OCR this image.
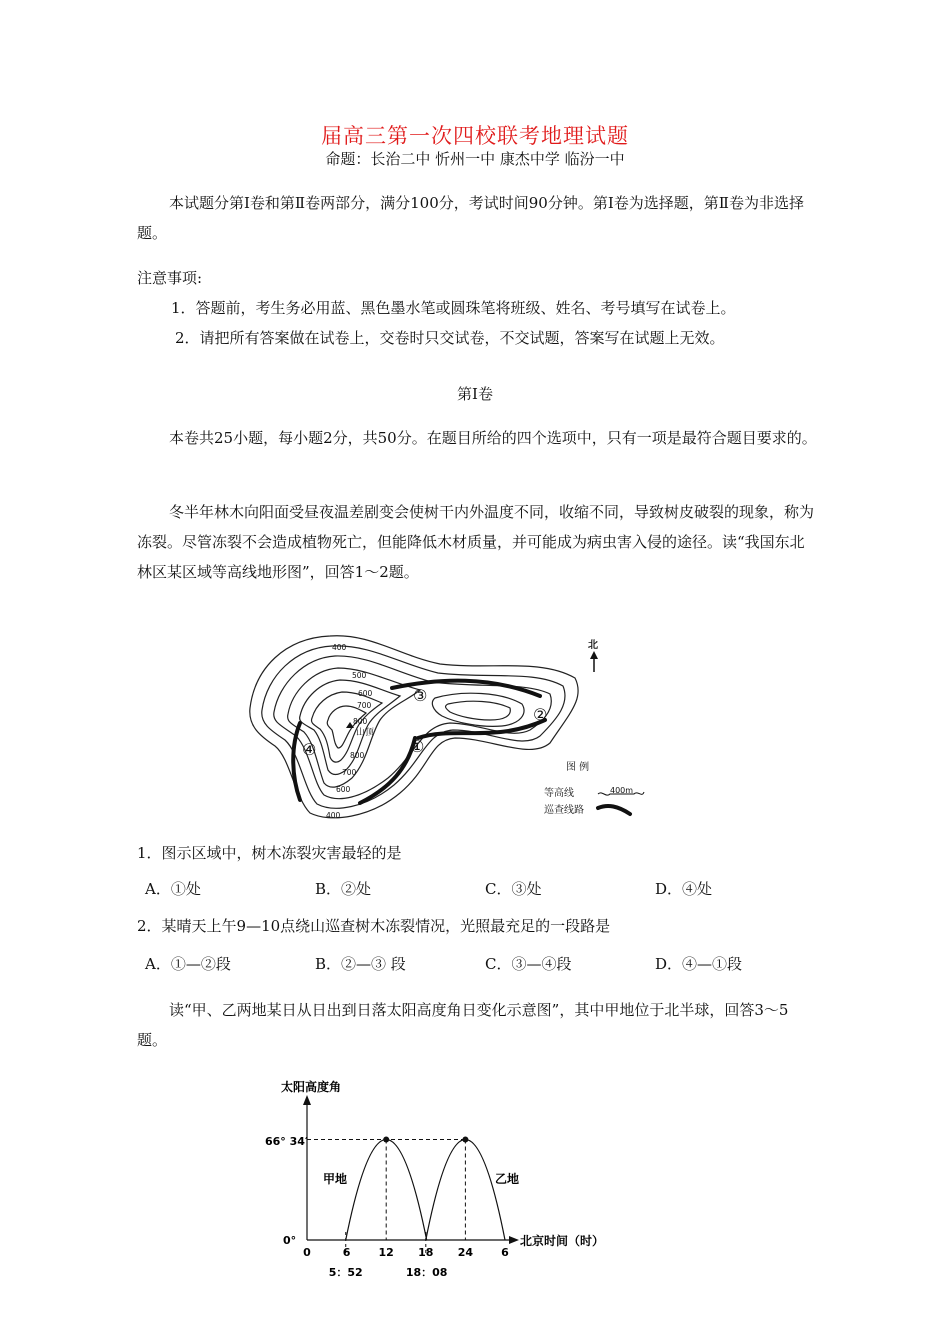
届高三第一次四校联考地理试题
命题：长治二中 忻州一中 康杰中学 临汾一中
本试题分第Ⅰ卷和第Ⅱ卷两部分，满分100分，考试时间90分钟。第Ⅰ卷为选择题，第Ⅱ卷为非选择题。
注意事项:
1．答题前，考生务必用蓝、黑色墨水笔或圆珠笔将班级、姓名、考号填写在试卷上。
2．请把所有答案做在试卷上，交卷时只交试卷，不交试题，答案写在试题上无效。
第Ⅰ卷
本卷共25小题，每小题2分，共50分。在题目所给的四个选项中，只有一项是最符合题目要求的。
冬半年林木向阳面受昼夜温差剧变会使树干内外温度不同，收缩不同，导致树皮破裂的现象，称为冻裂。尽管冻裂不会造成植物死亡，但能降低木材质量，并可能成为病虫害入侵的途径。读“我国东北林区某区域等高线地形图”，回答1～2题。
400
500
600
700
800
800
700
600
400
山顶
①
②
③
④
北
图 例
等高线	400m
巡查线路
1．图示区域中，树木冻裂灾害最轻的是
A．①处	B．②处	C．③处	D．④处
2．某晴天上午9—10点绕山巡查树木冻裂情况，光照最充足的一段路是
A．①—②段	B．②—③ 段	C．③—④段	D．④—①段
读“甲、乙两地某日从日出到日落太阳高度角日变化示意图”，其中甲地位于北半球，回答3～5题。
太阳高度角
北京时间（时）
0°
66° 34′
甲地	乙地
0	6	12 18 24	6
5：52	18：08
